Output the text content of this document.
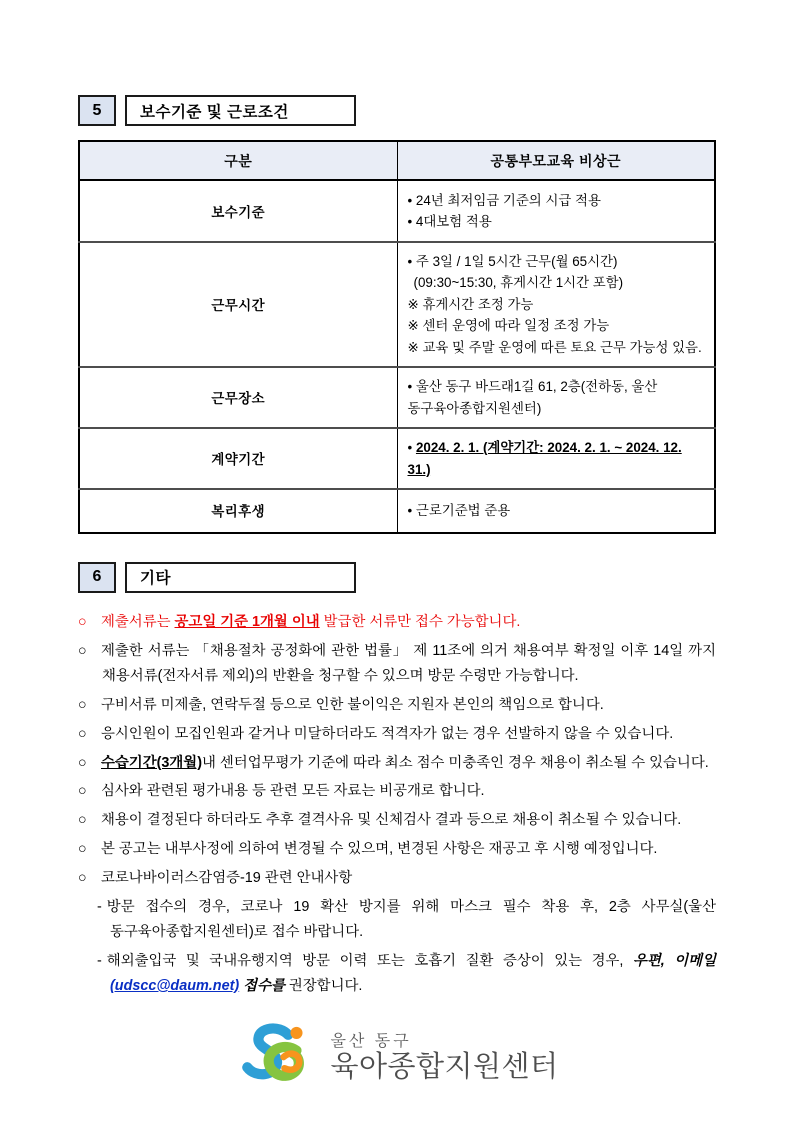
5	보수기준 및 근로조건
구분	공통부모교육 비상근
보수기준	• 24년 최저임금 기준의 시급 적용
• 4대보험 적용

근무시간	• 주 3일 / 1일 5시간 근무(월 65시간)
(09:30~15:30, 휴게시간 1시간 포함)
※ 휴게시간 조정 가능
※ 센터 운영에 따라 일정 조정 가능
※ 교육 및 주말 운영에 따른 토요 근무 가능성 있음.

근무장소	• 울산 동구 바드래1길 61, 2층(전하동, 울산 동구육아종합지원센터)

계약기간	• 2024. 2. 1. (계약기간: 2024. 2. 1. ~ 2024. 12. 31.)

복리후생	• 근로기준법 준용
6	기타
○ 제출서류는 공고일 기준 1개월 이내 발급한 서류만 접수 가능합니다.
○ 제출한 서류는 「채용절차 공정화에 관한 법률」 제 11조에 의거 채용여부 확정일 이후 14일 까지 채용서류(전자서류 제외)의 반환을 청구할 수 있으며 방문 수령만 가능합니다.
○ 구비서류 미제출, 연락두절 등으로 인한 불이익은 지원자 본인의 책임으로 합니다.
○ 응시인원이 모집인원과 같거나 미달하더라도 적격자가 없는 경우 선발하지 않을 수 있습니다.
○ 수습기간(3개월)내 센터업무평가 기준에 따라 최소 점수 미충족인 경우 채용이 취소될 수 있습니다.
○ 심사와 관련된 평가내용 등 관련 모든 자료는 비공개로 합니다.
○ 채용이 결정된다 하더라도 추후 결격사유 및 신체검사 결과 등으로 채용이 취소될 수 있습니다.
○ 본 공고는 내부사정에 의하여 변경될 수 있으며, 변경된 사항은 재공고 후 시행 예정입니다.
○ 코로나바이러스감염증-19 관련 안내사항
- 방문 접수의 경우, 코로나 19 확산 방지를 위해 마스크 필수 착용 후, 2층 사무실(울산 동구육아종합지원센터)로 접수 바랍니다.
- 해외출입국 및 국내유행지역 방문 이력 또는 호흡기 질환 증상이 있는 경우, 우편, 이메일 (udscc@daum.net) 접수를 권장합니다.
울산 동구
육아종합지원센터
